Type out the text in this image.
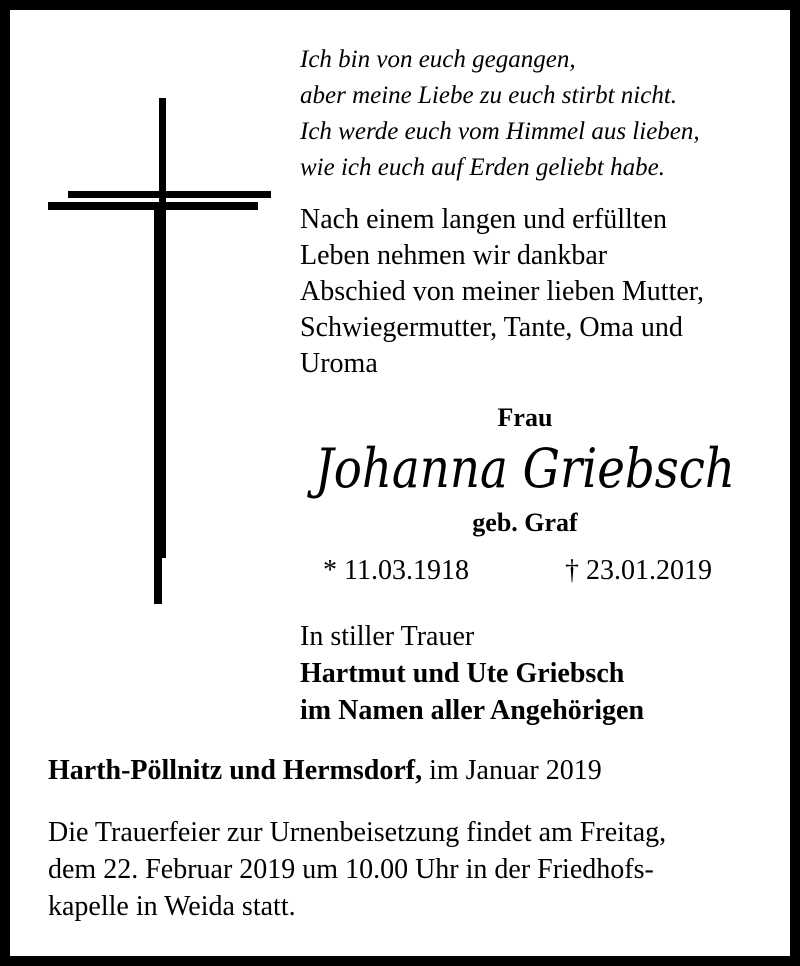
Ich bin von euch gegangen,
aber meine Liebe zu euch stirbt nicht.
Ich werde euch vom Himmel aus lieben,
wie ich euch auf Erden geliebt habe.
Nach einem langen und erfüllten
Leben nehmen wir dankbar
Abschied von meiner lieben Mutter,
Schwiegermutter, Tante, Oma und
Uroma
Frau
Johanna Griebsch
geb. Graf
* 11.03.1918	† 23.01.2019
In stiller Trauer
Hartmut und Ute Griebsch
im Namen aller Angehörigen
Harth-Pöllnitz und Hermsdorf, im Januar 2019
Die Trauerfeier zur Urnenbeisetzung findet am Freitag,
dem 22. Februar 2019 um 10.00 Uhr in der Friedhofs-
kapelle in Weida statt.
